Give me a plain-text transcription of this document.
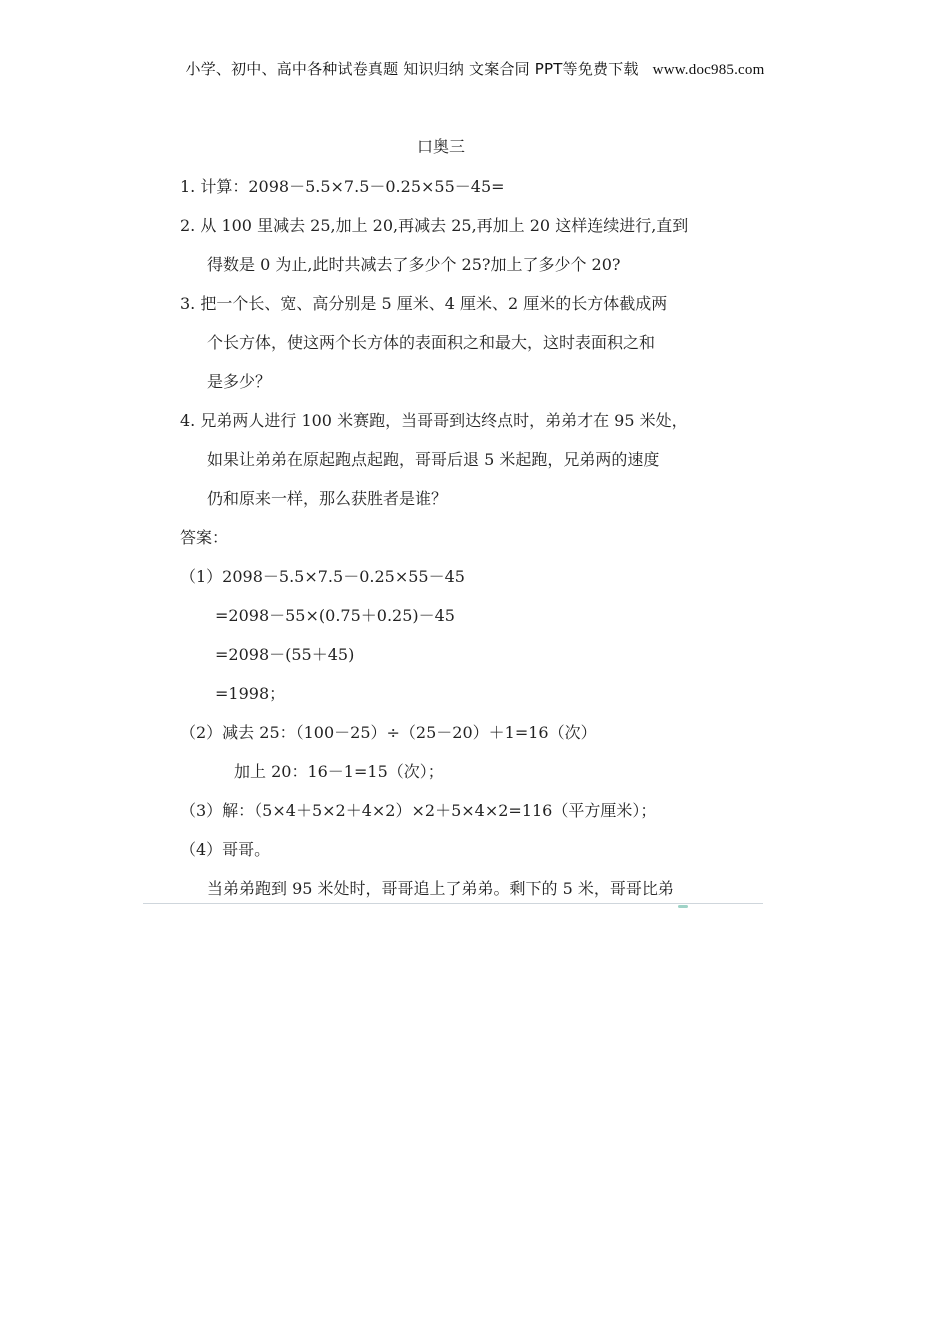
小学、初中、高中各种试卷真题 知识归纳 文案合同 PPT等免费下载 www.doc985.com
口奥三
1. 计算：2098－5.5×7.5－0.25×55－45=
2. 从 100 里减去 25,加上 20,再减去 25,再加上 20 这样连续进行,直到
得数是 0 为止,此时共减去了多少个 25?加上了多少个 20?
3. 把一个长、宽、高分别是 5 厘米、4 厘米、2 厘米的长方体截成两
个长方体，使这两个长方体的表面积之和最大，这时表面积之和
是多少？
4. 兄弟两人进行 100 米赛跑，当哥哥到达终点时，弟弟才在 95 米处，
如果让弟弟在原起跑点起跑，哥哥后退 5 米起跑，兄弟两的速度
仍和原来一样，那么获胜者是谁？
答案：
（1）2098－5.5×7.5－0.25×55－45
=2098－55×(0.75＋0.25)－45
=2098－(55＋45)
=1998；
（2）减去 25：（100－25）÷（25－20）＋1=16（次）
加上 20：16－1=15（次）；
（3）解：（5×4＋5×2＋4×2）×2＋5×4×2=116（平方厘米）；
（4）哥哥。
当弟弟跑到 95 米处时，哥哥追上了弟弟。剩下的 5 米，哥哥比弟
